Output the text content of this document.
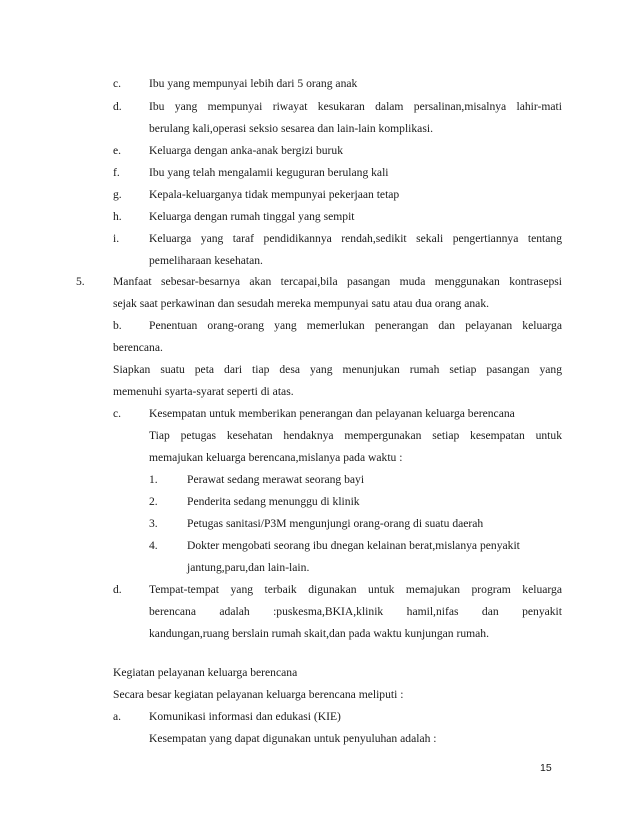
c. Ibu yang mempunyai lebih dari 5 orang anak
d. Ibu yang mempunyai riwayat kesukaran dalam persalinan,misalnya lahir-mati
berulang kali,operasi seksio sesarea dan lain-lain komplikasi.
e. Keluarga dengan anka-anak bergizi buruk
f.	Ibu yang telah mengalamii keguguran berulang kali
g. Kepala-keluarganya tidak mempunyai pekerjaan tetap
h. Keluarga dengan rumah tinggal yang sempit
i.	Keluarga yang taraf pendidikannya rendah,sedikit sekali pengertiannya tentang
pemeliharaan kesehatan.
5. Manfaat sebesar-besarnya akan tercapai,bila pasangan muda menggunakan kontrasepsi
sejak saat perkawinan dan sesudah mereka mempunyai satu atau dua orang anak.
b. Penentuan orang-orang yang memerlukan penerangan dan pelayanan keluarga
berencana.
Siapkan suatu peta dari tiap desa yang menunjukan rumah setiap pasangan yang
memenuhi syarta-syarat seperti di atas.
c. Kesempatan untuk memberikan penerangan dan pelayanan keluarga berencana
Tiap petugas kesehatan hendaknya mempergunakan setiap kesempatan untuk
memajukan keluarga berencana,mislanya pada waktu :
1.	Perawat sedang merawat seorang bayi
2.	Penderita sedang menunggu di klinik
3.	Petugas sanitasi/P3M mengunjungi orang-orang di suatu daerah
4.	Dokter mengobati seorang ibu dnegan kelainan berat,mislanya penyakit
jantung,paru,dan lain-lain.
d. Tempat-tempat yang terbaik digunakan untuk memajukan program keluarga
berencana adalah :puskesma,BKIA,klinik hamil,nifas dan penyakit
kandungan,ruang berslain rumah skait,dan pada waktu kunjungan rumah.
Kegiatan pelayanan keluarga berencana
Secara besar kegiatan pelayanan keluarga berencana meliputi :
a. Komunikasi informasi dan edukasi (KIE)
Kesempatan yang dapat digunakan untuk penyuluhan adalah :
15
